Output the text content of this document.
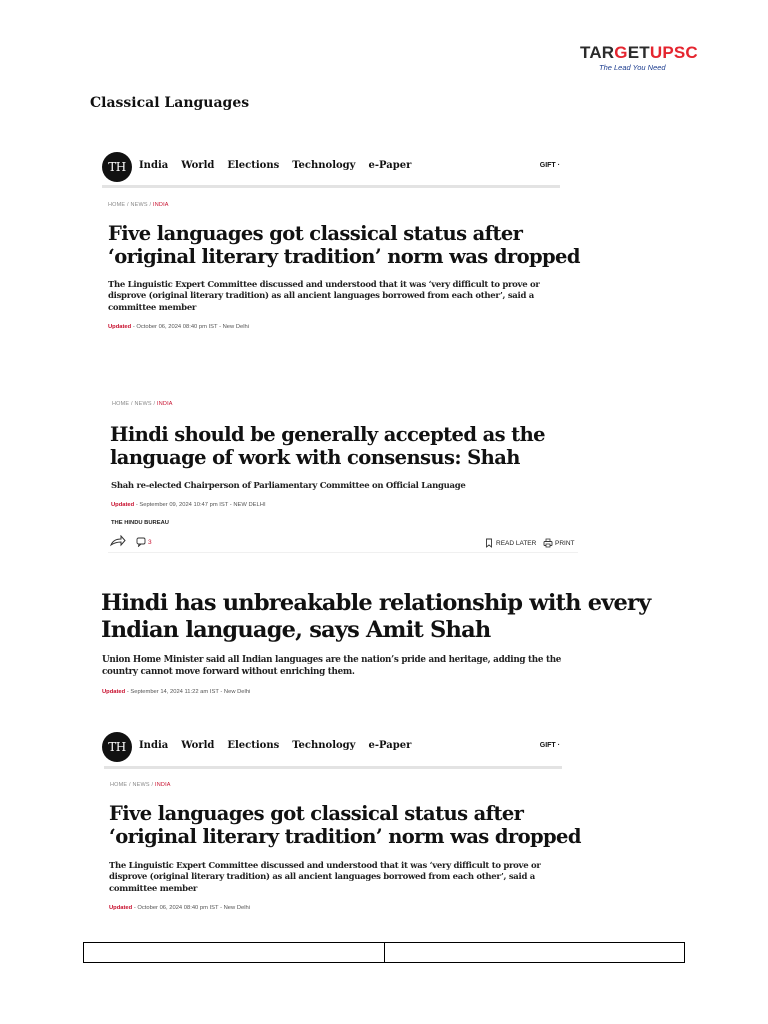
TARGETUPSC
The Lead You Need
Classical Languages
TH	India World Elections Technology e-Paper	GIFT ·
HOME / NEWS / INDIA
Five languages got classical status after
‘original literary tradition’ norm was dropped
The Linguistic Expert Committee discussed and understood that it was ‘very difficult to prove or
disprove (original literary tradition) as all ancient languages borrowed from each other’, said a
committee member
Updated - October 06, 2024 08:40 pm IST - New Delhi
HOME / NEWS / INDIA
Hindi should be generally accepted as the
language of work with consensus: Shah
Shah re-elected Chairperson of Parliamentary Committee on Official Language
Updated - September 09, 2024 10:47 pm IST - NEW DELHI
THE HINDU BUREAU
3	READ LATER	PRINT
Hindi has unbreakable relationship with every
Indian language, says Amit Shah
Union Home Minister said all Indian languages are the nation’s pride and heritage, adding the the
country cannot move forward without enriching them.
Updated - September 14, 2024 11:22 am IST - New Delhi
TH	India World Elections Technology e-Paper	GIFT ·
HOME / NEWS / INDIA
Five languages got classical status after
‘original literary tradition’ norm was dropped
The Linguistic Expert Committee discussed and understood that it was ‘very difficult to prove or
disprove (original literary tradition) as all ancient languages borrowed from each other’, said a
committee member
Updated - October 06, 2024 08:40 pm IST - New Delhi
